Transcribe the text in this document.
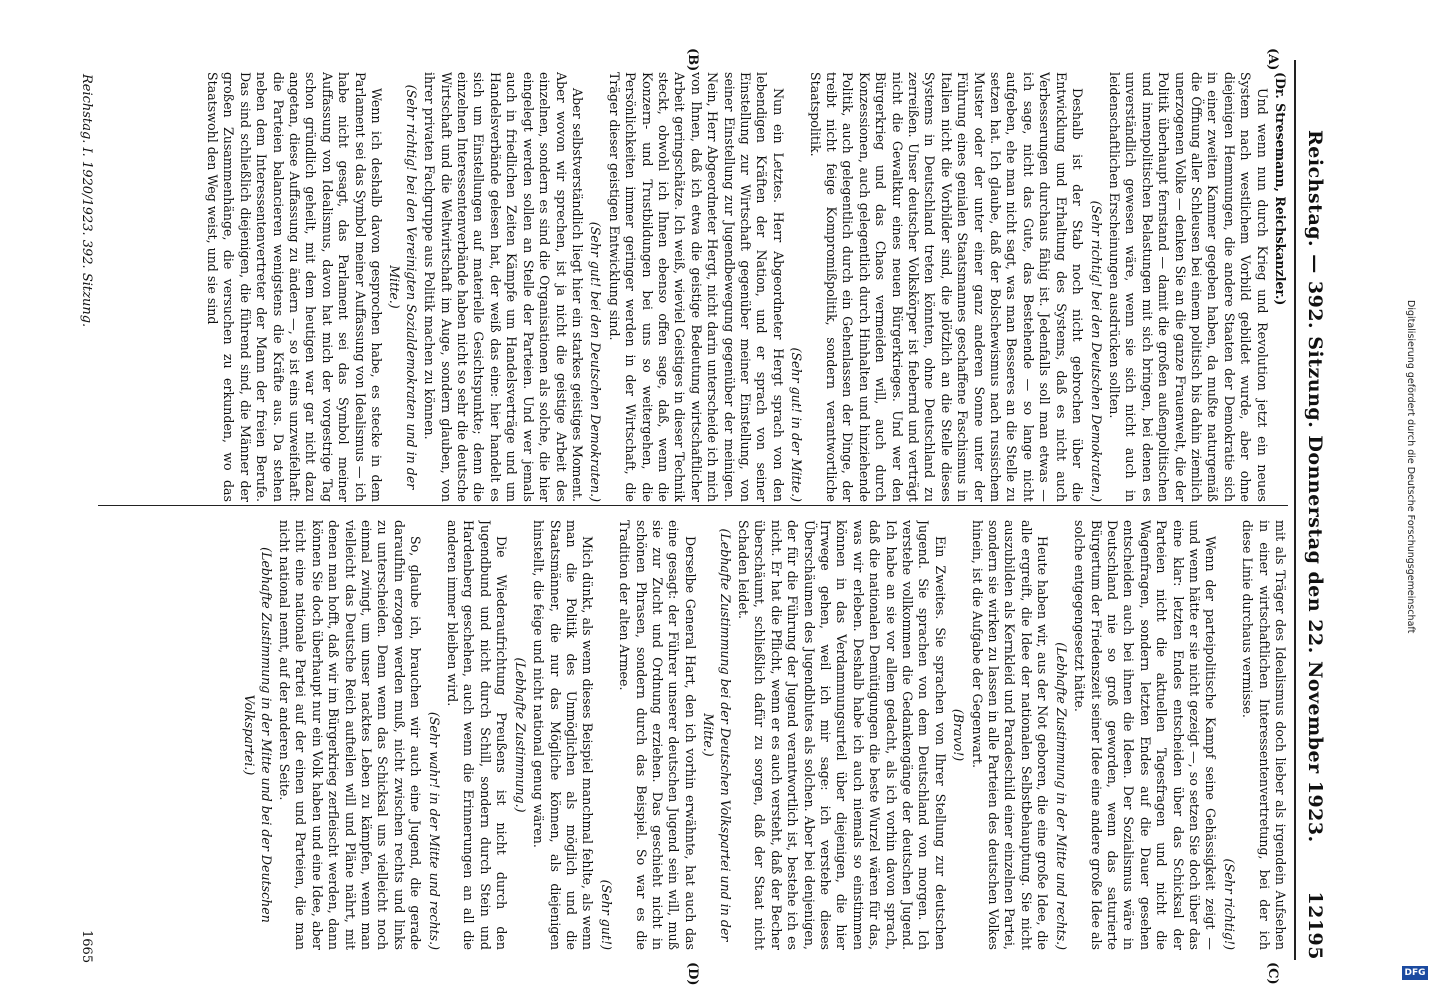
Reichstag. — 392. Sitzung. Donnerstag den 22. November 1923.
12195
(A)
(B)
(C)
(D)

(Dr. Stresemann, Reichskanzler.)

Und wenn nun durch Krieg und Revolution jetzt ein neues System nach westlichem Vorbild gebildet wurde, aber ohne diejenigen Hemmungen, die andere Staaten der Demokratie sich in einer zweiten Kammer gegeben haben, da mußte naturgemäß die Öffnung aller Schleusen bei einem politisch bis dahin ziemlich unerzogenen Volke — denken Sie an die ganze Frauenwelt, die der Politik überhaupt fernstand — damit die großen außenpolitischen und innenpolitischen Belastungen mit sich bringen, bei denen es unverständlich gewesen wäre, wenn sie sich nicht auch in leidenschaftlichen Erscheinungen ausdrücken sollten.

(Sehr richtig! bei den Deutschen Demokraten.)

Deshalb ist der Stab noch nicht gebrochen über die Entwicklung und Erhaltung des Systems, daß es nicht auch Verbesserungen durchaus fähig ist. Jedenfalls soll man etwas — ich sage, nicht das Gute, das Bestehende — so lange nicht aufgeben, ehe man nicht sagt, was man Besseres an die Stelle zu setzen hat. Ich glaube, daß der Bolschewismus nach russischem Muster oder der unter einer ganz anderen Sonne unter der Führung eines genialen Staatsmannes geschaffene Faschismus in Italien nicht die Vorbilder sind, die plötzlich an die Stelle dieses Systems in Deutschland treten könnten, ohne Deutschland zu zerreißen. Unser deutscher Volkskörper ist fiebernd und verträgt nicht die Gewaltkur eines neuen Bürgerkrieges. Und wer den Bürgerkrieg und das Chaos vermeiden will, auch durch Konzessionen, auch gelegentlich durch Hinhalten und hinziehende Politik, auch gelegentlich durch ein Gehenlassen der Dinge, der treibt nicht feige Kompromißpolitik, sondern verantwortliche Staatspolitik.

(Sehr gut! in der Mitte.)

Nun ein Letztes. Herr Abgeordneter Hergt sprach von den lebendigen Kräften der Nation, und er sprach von seiner Einstellung zur Wirtschaft gegenüber meiner Einstellung, von seiner Einstellung zur Jugendbewegung gegenüber der meinigen. Nein, Herr Abgeordneter Hergt, nicht darin unterscheide ich mich von Ihnen, daß ich etwa die geistige Bedeutung wirtschaftlicher Arbeit geringschätze. Ich weiß, wieviel Geistiges in dieser Technik steckt, obwohl ich Ihnen ebenso offen sage, daß, wenn die Konzern- und Trustbildungen bei uns so weitergehen, die Persönlichkeiten immer geringer werden in der Wirtschaft, die Träger dieser geistigen Entwicklung sind.

(Sehr gut! bei den Deutschen Demokraten.)

Aber selbstverständlich liegt hier ein starkes geistiges Moment. Aber wovon wir sprechen, ist ja nicht die geistige Arbeit des einzelnen, sondern es sind die Organisationen als solche, die hier eingelegt werden sollen an Stelle der Parteien. Und wer jemals auch in friedlichen Zeiten Kämpfe um Handelsverträge und um Handelsverbände gelesen hat, der weiß das eine: hier handelt es sich um Einstellungen auf materielle Gesichtspunkte; denn die einzelnen Interessentenverbände haben nicht so sehr die deutsche Wirtschaft und die Weltwirtschaft im Auge, sondern glauben, von ihrer privaten Fachgruppe aus Politik machen zu können.

(Sehr richtig! bei den Vereinigten Sozialdemokraten und in der Mitte.)

Wenn ich deshalb davon gesprochen habe, es stecke in dem Parlament sei das Symbol meiner Auffassung von Idealismus — ich habe nicht gesagt, das Parlament sei das Symbol meiner Auffassung von Idealismus, davon hat mich der vorgestrige Tag schon gründlich geheilt, mit dem heutigen war gar nicht dazu angetan, diese Auffassung zu ändern —, so ist eins unzweifelhaft: die Parteien balancieren wenigstens die Kräfte aus. Da stehen neben dem Interessentenvertreter der Mann der freien Berufe. Das sind schließlich diejenigen, die führend sind, die Männer der großen Zusammenhänge, die versuchen zu erkunden, wo das Staatswohl den Weg weist, und sie sind

mit als Träger des Idealismus doch lieber als irgendein Aufsehen in einer wirtschaftlichen Interessentenvertretung, bei der ich diese Linie durchaus vermisse.

(Sehr richtig!)

Wenn der parteipolitische Kampf seine Gehässigkeit zeigt — und wenn hätte er sie nicht gezeigt —, so setzen Sie doch über das eine klar: letzten Endes entscheiden über das Schicksal der Parteien nicht die aktuellen Tagesfragen und nicht die Wagenfragen, sondern letzten Endes auf die Dauer gesehen entscheiden auch bei ihnen die Ideen. Der Sozialismus wäre in Deutschland nie so groß geworden, wenn das saturierte Bürgertum der Friedenszeit seiner Idee eine andere große Idee als solche entgegengesetzt hätte.

(Lebhafte Zustimmung in der Mitte und rechts.)

Heute haben wir, aus der Not geboren, die eine große Idee, die alle ergreift, die Idee der nationalen Selbstbehauptung. Sie nicht auszubilden als Kernkleid und Paradeschild einer einzelnen Partei, sondern sie wirken zu lassen in alle Parteien des deutschen Volkes hinein, ist die Aufgabe der Gegenwart.

(Bravo!)

Ein Zweites. Sie sprachen von Ihrer Stellung zur deutschen Jugend. Sie sprachen von dem Deutschland von morgen. Ich verstehe vollkommen die Gedankengänge der deutschen Jugend. Ich habe an sie vor allem gedacht, als ich vorhin davon sprach, daß die nationalen Demütigungen die beste Wurzel wären für das, was wir erleben. Deshalb habe ich auch niemals so einstimmen können in das Verdammungsurteil über diejenigen, die hier Irrwege gehen, weil ich mir sage: ich verstehe dieses Überschäumen des Jugendblutes als solchen. Aber bei denjenigen, der für die Führung der Jugend verantwortlich ist, bestehe ich es nicht. Er hat die Pflicht, wenn er es auch versteht, daß der Becher überschäumt, schließlich dafür zu sorgen, daß der Staat nicht Schaden leidet.

(Lebhafte Zustimmung bei der Deutschen Volkspartei und in der Mitte.)

Derselbe General Hart, den ich vorhin erwähnte, hat auch das eine gesagt: der Führer unserer deutschen Jugend sein will, muß sie zur Zucht und Ordnung erziehen. Das geschieht nicht in schönen Phrasen, sondern durch das Beispiel. So war es die Tradition der alten Armee.

(Sehr gut!)

Mich dünkt, als wenn dieses Beispiel manchmal fehlte, als wenn man die Politik des Unmöglichen als möglich und die Staatsmänner, die nur das Mögliche können, als diejenigen hinstellt, die feige und nicht national genug wären.

(Lebhafte Zustimmung.)

Die Wiederaufrichtung Preußens ist nicht durch den Jugendbund und nicht durch Schill, sondern durch Stein und Hardenberg geschehen, auch wenn die Erinnerungen an all die anderen immer bleiben wird.

(Sehr wahr! in der Mitte und rechts.)

So, glaube ich, brauchen wir auch eine Jugend, die gerade daraufhin erzogen werden muß, nicht zwischen rechts und links zu unterscheiden. Denn wenn das Schicksal uns vielleicht noch einmal zwingt, um unser nacktes Leben zu kämpfen, wenn man vielleicht das Deutsche Reich aufteilen will und Pläne nährt, mit denen man hofft, daß wir im Bürgerkrieg zerfleischt werden, dann können Sie doch überhaupt nur ein Volk haben und eine Idee, aber nicht eine nationale Partei auf der einen und Parteien, die man nicht national nennt, auf der anderen Seite.

(Lebhafte Zustimmung in der Mitte und bei der Deutschen Volkspartei.)

Reichstag. I. 1920/1923. 392. Sitzung.
1665
Digitalisierung gefördert durch die Deutsche Forschungsgemeinschaft
DFG
